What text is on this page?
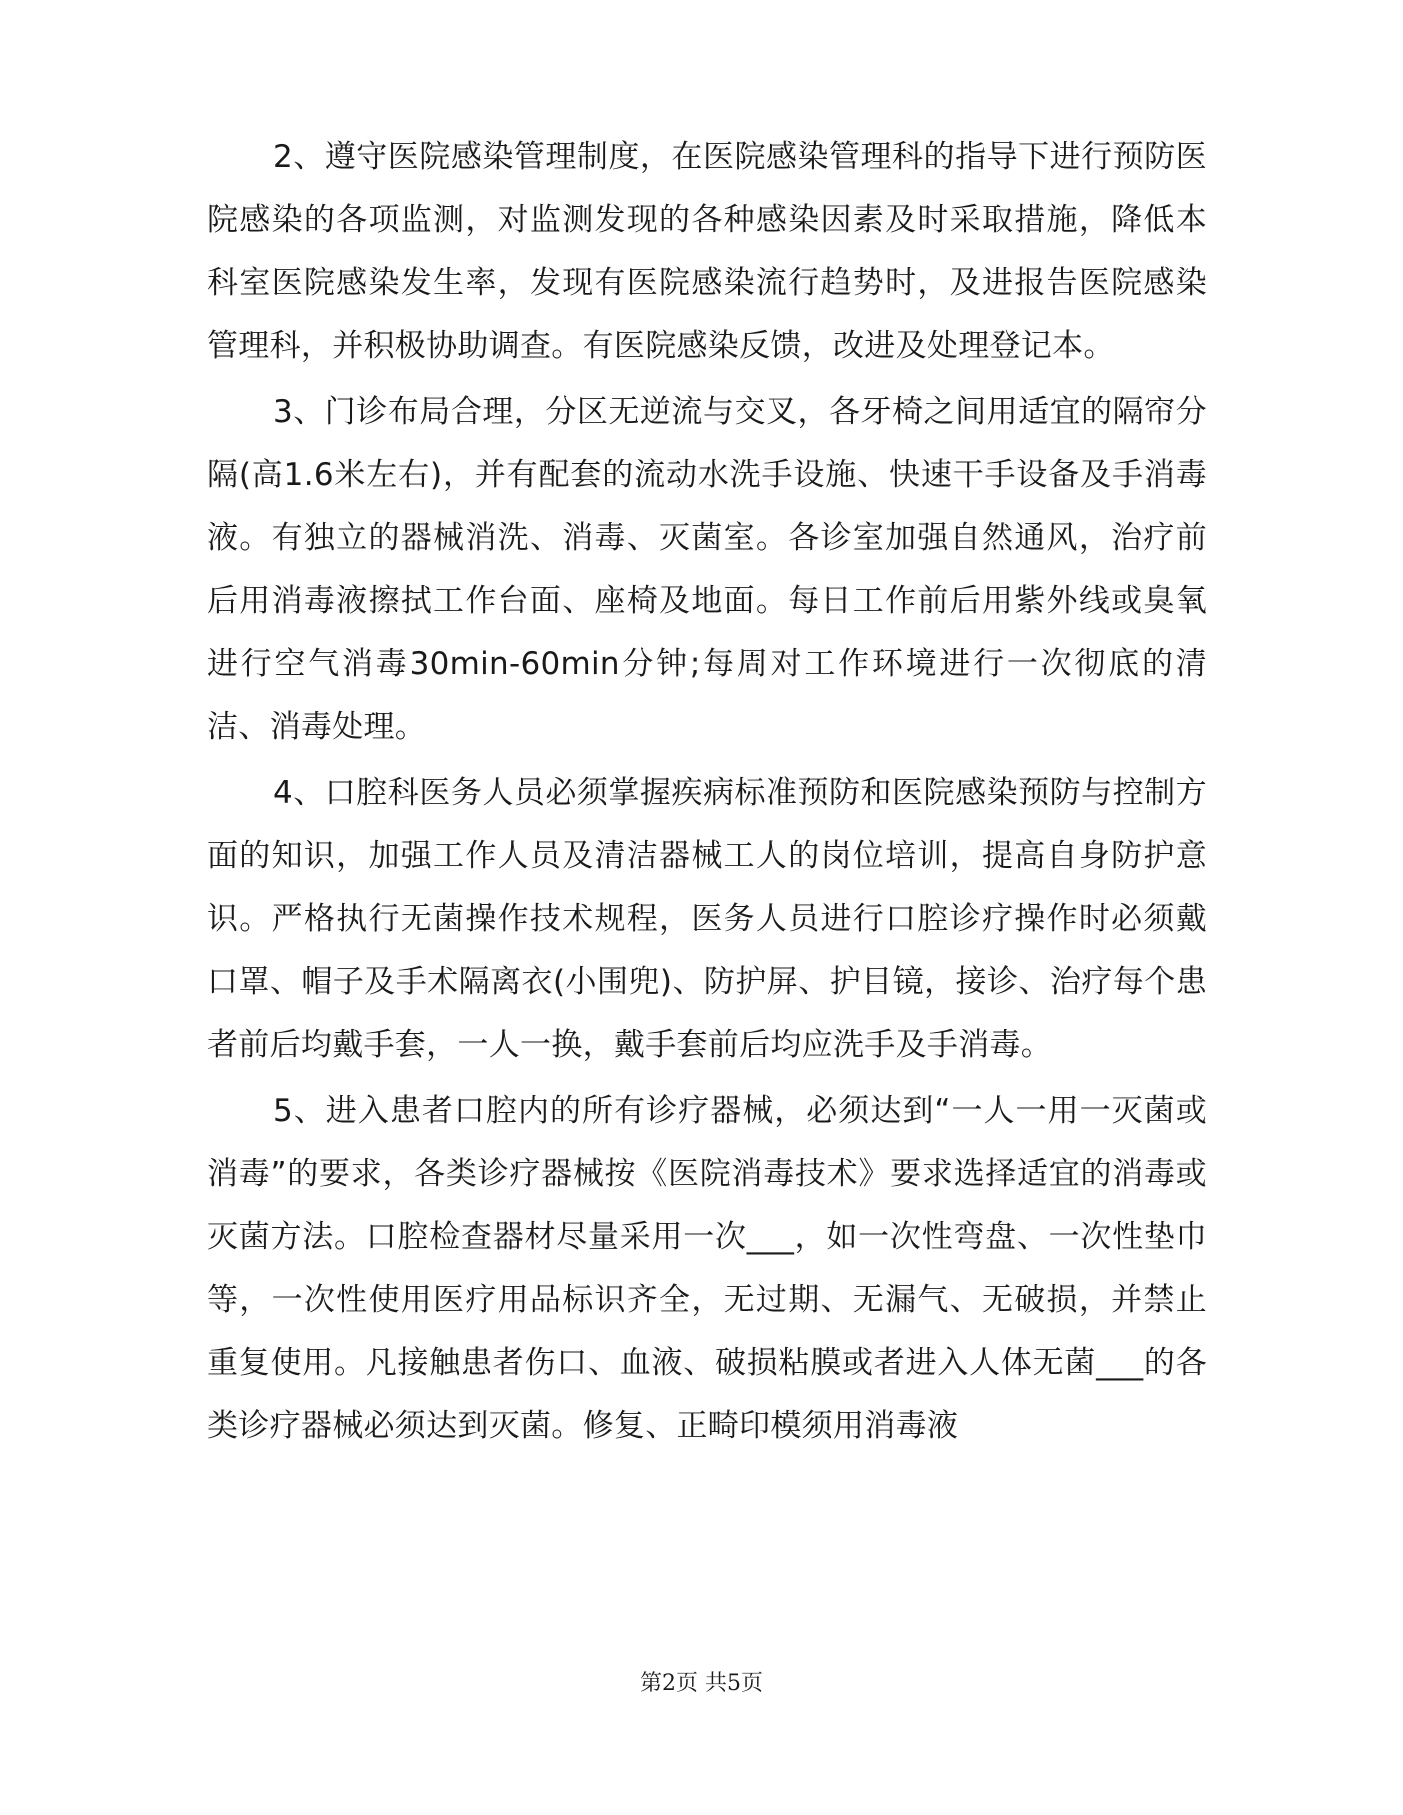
2、遵守医院感染管理制度，在医院感染管理科的指导下进行预防医院感染的各项监测，对监测发现的各种感染因素及时采取措施，降低本科室医院感染发生率，发现有医院感染流行趋势时，及进报告医院感染管理科，并积极协助调查。有医院感染反馈，改进及处理登记本。

3、门诊布局合理，分区无逆流与交叉，各牙椅之间用适宜的隔帘分隔(高1.6米左右)，并有配套的流动水洗手设施、快速干手设备及手消毒液。有独立的器械消洗、消毒、灭菌室。各诊室加强自然通风，治疗前后用消毒液擦拭工作台面、座椅及地面。每日工作前后用紫外线或臭氧进行空气消毒30min-60min分钟;每周对工作环境进行一次彻底的清洁、消毒处理。

4、口腔科医务人员必须掌握疾病标准预防和医院感染预防与控制方面的知识，加强工作人员及清洁器械工人的岗位培训，提高自身防护意识。严格执行无菌操作技术规程，医务人员进行口腔诊疗操作时必须戴口罩、帽子及手术隔离衣(小围兜)、防护屏、护目镜，接诊、治疗每个患者前后均戴手套，一人一换，戴手套前后均应洗手及手消毒。

5、进入患者口腔内的所有诊疗器械，必须达到“一人一用一灭菌或消毒”的要求，各类诊疗器械按《医院消毒技术》要求选择适宜的消毒或灭菌方法。口腔检查器材尽量采用一次___，如一次性弯盘、一次性垫巾等，一次性使用医疗用品标识齐全，无过期、无漏气、无破损，并禁止重复使用。凡接触患者伤口、血液、破损粘膜或者进入人体无菌___的各类诊疗器械必须达到灭菌。修复、正畸印模须用消毒液

第2页 共5页
